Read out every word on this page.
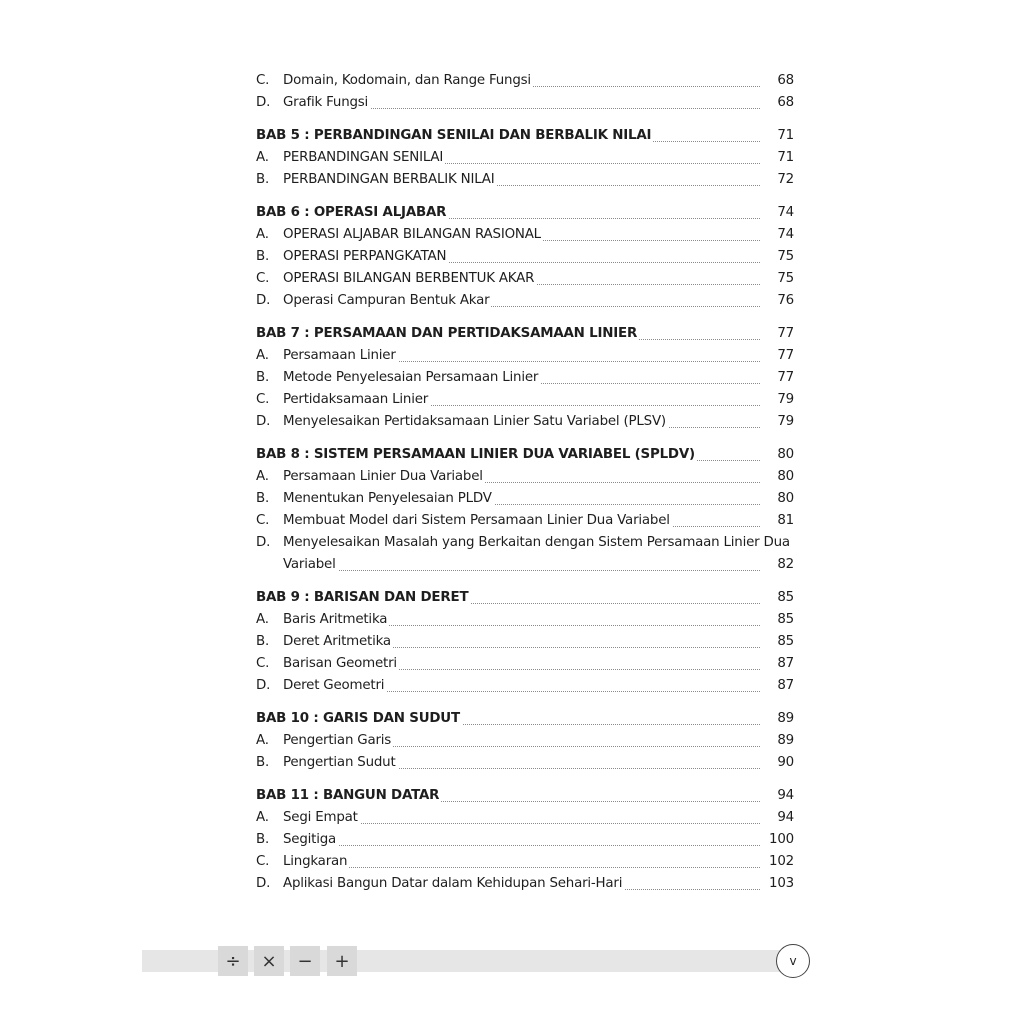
C. Domain, Kodomain, dan Range Fungsi	68
D. Grafik Fungsi	68
BAB 5 : PERBANDINGAN SENILAI DAN BERBALIK NILAI	71
A. PERBANDINGAN SENILAI	71
B. PERBANDINGAN BERBALIK NILAI	72
BAB 6 : OPERASI ALJABAR	74
A. OPERASI ALJABAR BILANGAN RASIONAL	74
B. OPERASI PERPANGKATAN	75
C. OPERASI BILANGAN BERBENTUK AKAR	75
D. Operasi Campuran Bentuk Akar	76
BAB 7 : PERSAMAAN DAN PERTIDAKSAMAAN LINIER	77
A. Persamaan Linier	77
B. Metode Penyelesaian Persamaan Linier	77
C. Pertidaksamaan Linier	79
D. Menyelesaikan Pertidaksamaan Linier Satu Variabel (PLSV)	79
BAB 8 : SISTEM PERSAMAAN LINIER DUA VARIABEL (SPLDV)	80
A. Persamaan Linier Dua Variabel	80
B. Menentukan Penyelesaian PLDV	80
C. Membuat Model dari Sistem Persamaan Linier Dua Variabel	81
D. Menyelesaikan Masalah yang Berkaitan dengan Sistem Persamaan Linier Dua
Variabel	82
BAB 9 : BARISAN DAN DERET	85
A. Baris Aritmetika	85
B. Deret Aritmetika	85
C. Barisan Geometri	87
D. Deret Geometri	87
BAB 10 : GARIS DAN SUDUT	89
A. Pengertian Garis	89
B. Pengertian Sudut	90
BAB 11 : BANGUN DATAR	94
A. Segi Empat	94
B. Segitiga	100
C. Lingkaran	102
D. Aplikasi Bangun Datar dalam Kehidupan Sehari-Hari	103
÷	×	−	+	v
